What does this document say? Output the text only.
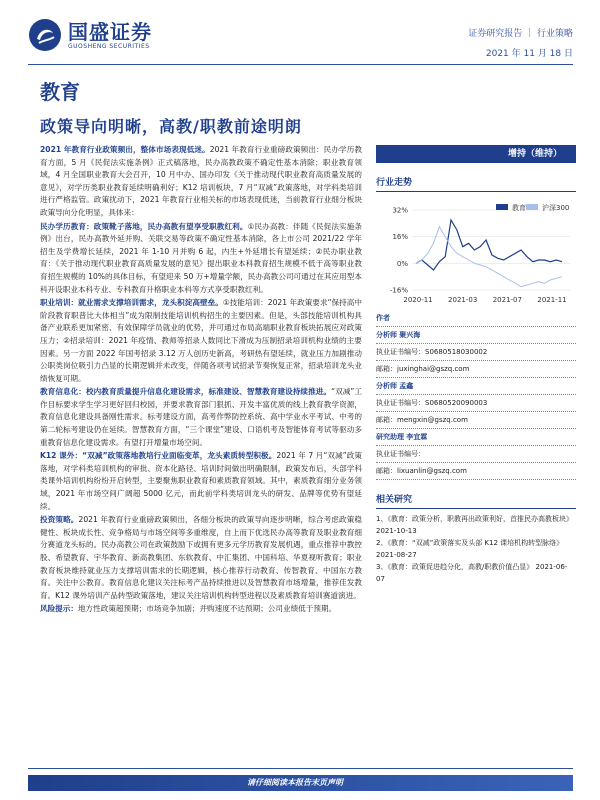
国盛证券
GUOSHENG SECURITIES
证券研究报告 ｜ 行业策略
2021 年 11 月 18 日
教育
政策导向明晰，高教/职教前途明朗

2021 年教育行业政策频出，整体市场表现低迷。2021 年教育行业重磅政策频出：民办学历教育方面，5 月《民促法实施条例》正式稿落地，民办高教政策不确定性基本消除；职业教育领域，4 月全国职业教育大会召开，10 月中办、国办印发《关于推动现代职业教育高质量发展的意见》，对学历类职业教育延续明确利好；K12 培训板块，7 月“双减”政策落地，对学科类培训进行严格监管。政策扰动下，2021 年教育行业相关标的市场表现低迷，当前教育行业细分板块政策导向分化明显，具体来：

民办学历教育：政策靴子落地，民办高教有望享受职教红利。①民办高教：伴随《民促法实施条例》出台，民办高教外延并购、关联交易等政策不确定性基本消除，各上市公司 2021/22 学年招生及学费增长延续，2021 年 1-10 月并购 6 起，内生+外延增长有望延续；②民办职业教育：《关于推动现代职业教育高质量发展的意见》提出职业本科教育招生规模不低于高等职业教育招生规模的 10%的具体目标，有望迎来 50 万+增量学额，民办高教公司可通过在其应用型本科开设职业本科专业、专科教育升格职业本科等方式享受职教红利。

职业培训：就业需求支撑培训需求，龙头积淀高壁垒。①技能培训：2021 年政策要求“保持高中阶段教育职普比大体相当”成为限制技能培训机构招生的主要因素。但是，头部技能培训机构具备产业联系更加紧密、有效保障学员就业的优势，并可通过布局高端职业教育板块拓展应对政策压力；②招录培训：2021 年疫情、教师等招录人数同比下滑成为压制招录培训机构业绩的主要因素。另一方面 2022 年国考招录 3.12 万人创历史新高，考研热有望延续，就业压力加剧推动公职类岗位吸引力凸显的长期逻辑并未改变，伴随各项考试招录节奏恢复正常，招录培训龙头业绩恢复可期。

教育信息化：校内教育质量提升信息化建设需求，标准建设、智慧教育建设持续推进。“双减”工作目标要求学生学习更好回归校园，并要求教育部门狠抓、开发丰富优质的线上教育教学资源，教育信息化建设具备刚性需求。标考建设方面，高考作弊防控系统、高中学业水平考试、中考的第二轮标考建设仍在延续。智慧教育方面，“三个课堂”建设、口语机考及智能体育考试等驱动多重教育信息化建设需求。有望打开增量市场空间。

K12 课外：“双减”政策落地教培行业面临变革，龙头素质转型积极。2021 年 7 月“双减”政策落地，对学科类培训机构的审批、资本化路径、培训时间做出明确限制，政策发布后，头部学科类课外培训机构纷纷开启转型，主要聚焦职业教育和素质教育领域。其中，素质教育细分业务领域，2021 年市场空间广阔超 5000 亿元，而此前学科类培训龙头的研发、品牌等优势有望延续。

投资策略。2021 年教育行业重磅政策频出，各细分板块的政策导向逐步明晰，综合考虑政策稳健性、板块成长性、竞争格局与市场空间等多重维度，自上而下优选民办高等教育及职业教育细分赛道龙头标的。民办高教公司在政策鼓励下或拥有更多元学历教育发展机遇，重点推荐中教控股、希望教育、宇华教育、新高教集团、东软教育、中汇集团、中国科培、华夏视听教育；职业教育板块维持就业压力支撑培训需求的长期逻辑，核心推荐行动教育、传智教育、中国东方教育。关注中公教育。教育信息化建议关注标考产品持续推进以及智慧教育市场增量，推荐佳发教育。K12 课外培训产品转型政策落地，建议关注培训机构转型进程以及素质教育培训赛道演进。

风险提示：地方性政策超预期；市场竞争加剧；并购速度不达预期；公司业绩低于预期。

增持（维持）
行业走势
32%
16%
0%
-16%
2020-11 2021-03 2021-07 2021-11
教育 沪深300
作者
分析师 聚兴海
执业证书编号：S0680518030002
邮箱：juxinghai@gszq.com
分析师 孟鑫
执业证书编号：S0680520090003
邮箱：mengxin@gszq.com
研究助理 李宜霖
执业证书编号：
邮箱：lixuanlin@gszq.com
相关研究
1、《教育：政策分析，职教再出政策利好，首推民办高教板块》 2021-10-13
2、《教育：“双减”政策落实及头部 K12 课培机构转型脉络》 2021-08-27
3、《教育：政策促进趋分化，高教/职教价值凸显》 2021-06-07
请仔细阅读本报告末页声明
